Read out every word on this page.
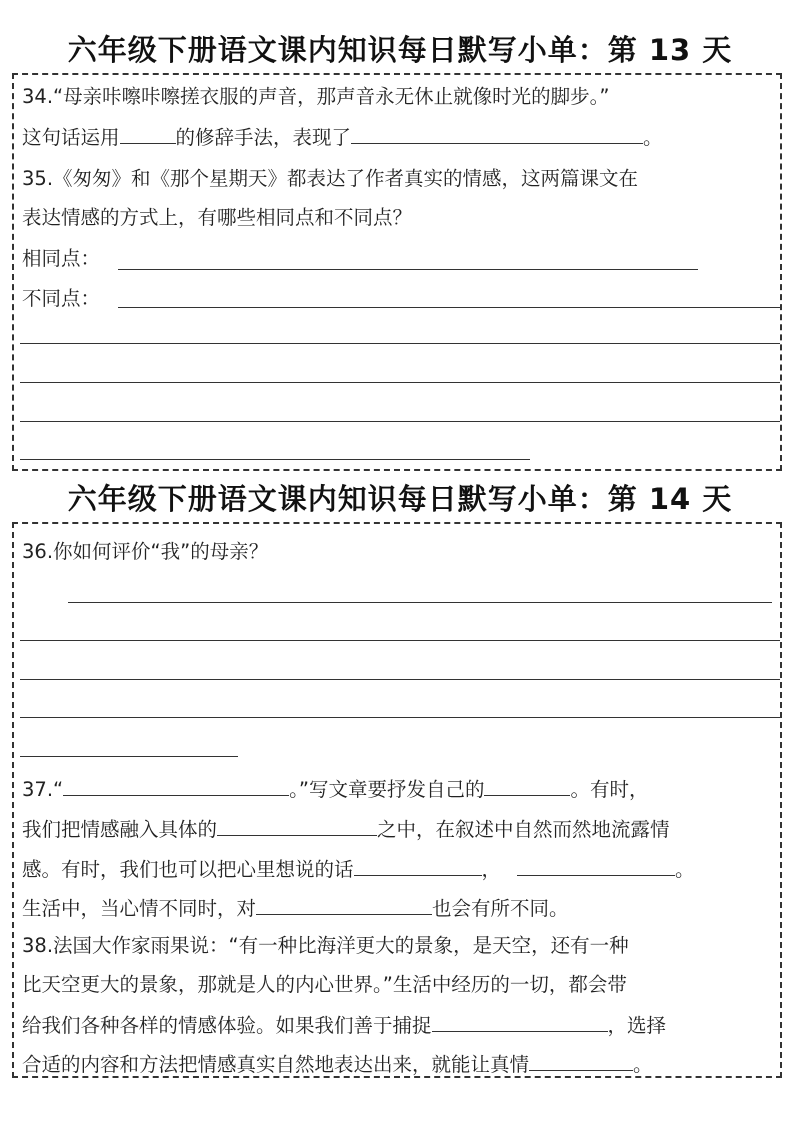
六年级下册语文课内知识每日默写小单：第 13 天
34.“母亲咔嚓咔嚓搓衣服的声音，那声音永无休止就像时光的脚步。”
这句话运用	的修辞手法，表现了	。
35.《匆匆》和《那个星期天》都表达了作者真实的情感，这两篇课文在
表达情感的方式上，有哪些相同点和不同点？
相同点：
不同点：
六年级下册语文课内知识每日默写小单：第 14 天
36.你如何评价“我”的母亲？
37.“	。”写文章要抒发自己的	。有时，
我们把情感融入具体的	之中，在叙述中自然而然地流露情
感。有时，我们也可以把心里想说的话	，	。
生活中，当心情不同时，对	也会有所不同。
38.法国大作家雨果说：“有一种比海洋更大的景象，是天空，还有一种
比天空更大的景象，那就是人的内心世界。”生活中经历的一切，都会带
给我们各种各样的情感体验。如果我们善于捕捉	，选择
合适的内容和方法把情感真实自然地表达出来，就能让真情	。
